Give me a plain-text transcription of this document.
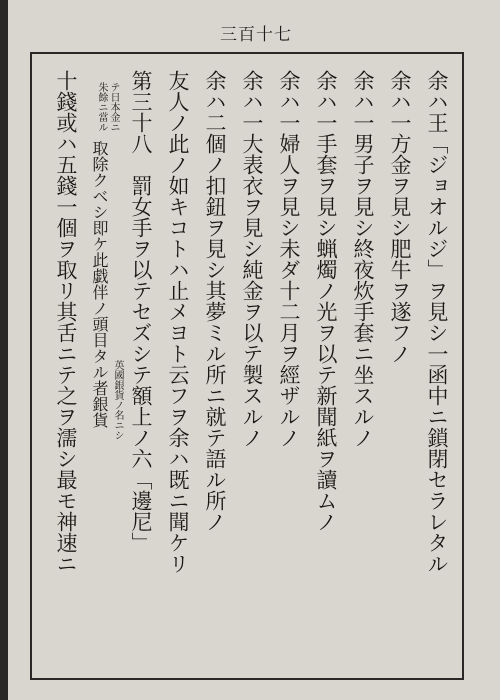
三百十七
余ハ王「ジョオルジ」ヲ見シ一函中ニ鎖閉セラレタル
余ハ一方金ヲ見シ肥牛ヲ遂フノ
余ハ一男子ヲ見シ終夜炊手套ニ坐スルノ
余ハ一手套ヲ見シ蝋燭ノ光ヲ以テ新聞紙ヲ讀ムノ
余ハ一婦人ヲ見シ未ダ十二月ヲ經ザルノ
余ハ一大表衣ヲ見シ純金ヲ以テ製スルノ
余ハ二個ノ扣鈕ヲ見シ其夢ミル所ニ就テ語ル所ノ
友人ノ此ノ如キコトハ止メヨト云フヲ余ハ既ニ聞ケリ
第三十八　罰女手ヲ以テセズシテ額上ノ六「邊尼」
英國銀貨ノ名ニシ
テ日本金ニ
朱餘ニ當ル
取除クベシ即ケ此戯伴ノ頭目タル者銀貨
十錢或ハ五錢一個ヲ取リ其舌ニテ之ヲ濡シ最モ神速ニ
